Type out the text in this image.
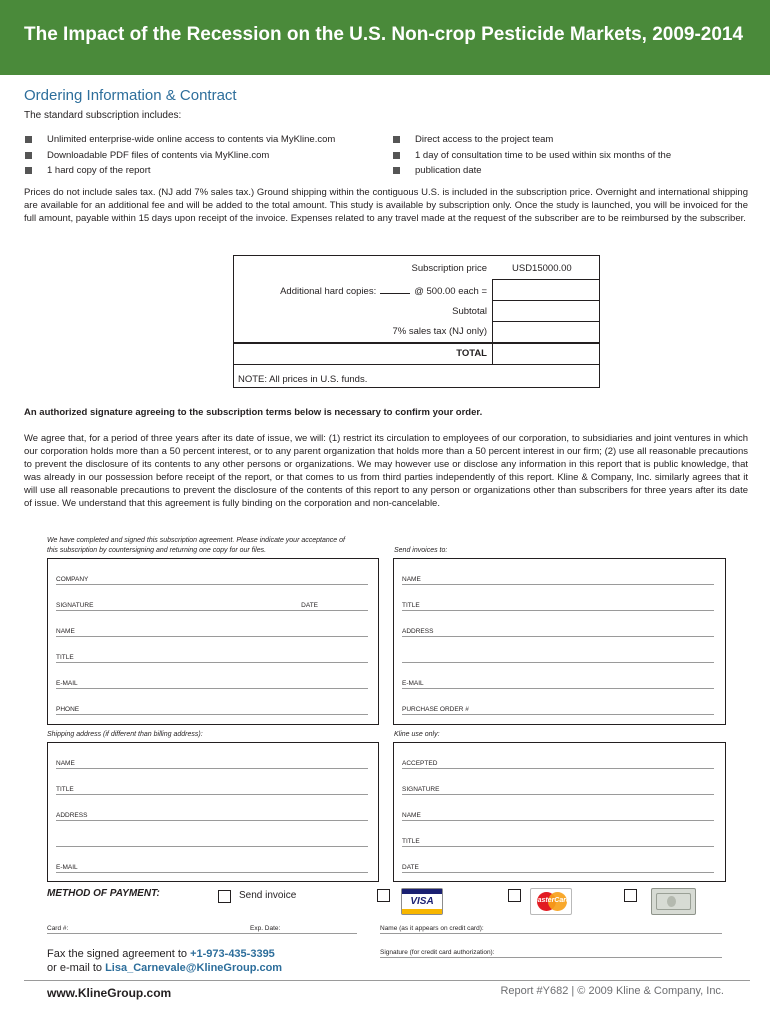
The Impact of the Recession on the U.S. Non-crop Pesticide Markets, 2009-2014
Ordering Information & Contract
The standard subscription includes:
Unlimited enterprise-wide online access to contents via MyKline.com
Downloadable PDF files of contents via MyKline.com
1 hard copy of the report
Direct access to the project team
1 day of consultation time to be used within six months of the
publication date
Prices do not include sales tax. (NJ add 7% sales tax.) Ground shipping within the contiguous U.S. is included in the subscription price. Overnight and international shipping are available for an additional fee and will be added to the total amount. This study is available by subscription only. Once the study is launched, you will be invoiced for the full amount, payable within 15 days upon receipt of the invoice. Expenses related to any travel made at the request of the subscriber are to be reimbursed by the subscriber.
Subscription price	USD15000.00
Additional hard copies:	@ 500.00 each =
Subtotal
7% sales tax (NJ only)
TOTAL
NOTE: All prices in U.S. funds.
An authorized signature agreeing to the subscription terms below is necessary to confirm your order.
We agree that, for a period of three years after its date of issue, we will: (1) restrict its circulation to employees of our corporation, to subsidiaries and joint ventures in which our corporation holds more than a 50 percent interest, or to any parent organization that holds more than a 50 percent interest in our firm; (2) use all reasonable precautions to prevent the disclosure of its contents to any other persons or organizations. We may however use or disclose any information in this report that is public knowledge, that was already in our possession before receipt of the report, or that comes to us from third parties independently of this report. Kline & Company, Inc. similarly agrees that it will use all reasonable precautions to prevent the disclosure of the contents of this report to any person or organizations other than subscribers for three years after its date of issue. We understand that this agreement is fully binding on the corporation and non-cancelable.
We have completed and signed this subscription agreement. Please indicate your acceptance of
this subscription by countersigning and returning one copy for our files.	Send invoices to:
COMPANY
SIGNATURE	DATE
NAME
TITLE
E-MAIL
PHONE
NAME
TITLE
ADDRESS
E-MAIL
PURCHASE ORDER #
Shipping address (if different than billing address):	Kline use only:
NAME
TITLE
ADDRESS
E-MAIL
ACCEPTED
SIGNATURE
NAME
TITLE
DATE
METHOD OF PAYMENT:	Send invoice
VISA	MasterCard
Card #:	Exp. Date:	Name (as it appears on credit card):
Signature (for credit card authorization):
Fax the signed agreement to +1-973-435-3395
or e-mail to Lisa_Carnevale@KlineGroup.com
www.KlineGroup.com	Report #Y682 | © 2009 Kline & Company, Inc.
